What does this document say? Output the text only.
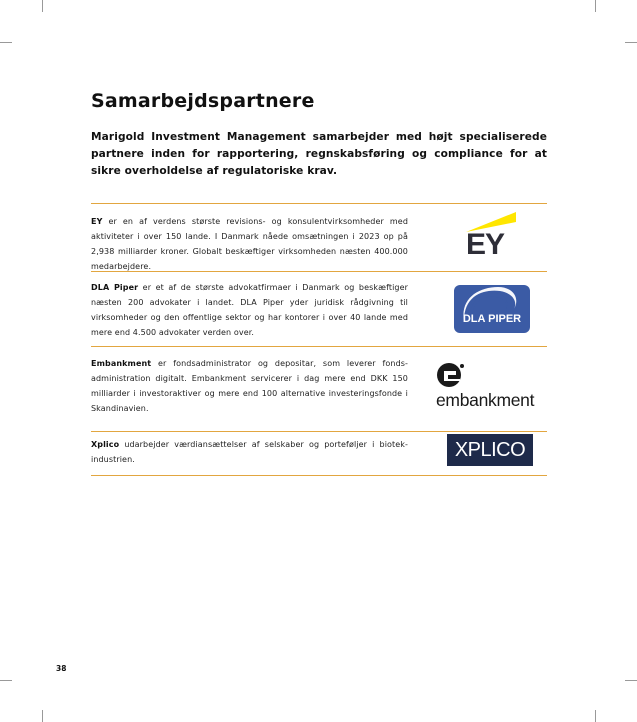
Samarbejdspartnere

Marigold Investment Management samarbejder med højt specialiserede partnere inden for rapportering, regnskabsføring og compliance for at sikre overholdelse af regulatoriske krav.

EY er en af verdens største revisions- og konsulentvirksomheder med aktiviteter i over 150 lande. I Danmark nåede omsætningen i 2023 op på 2,938 milliarder kroner. Globalt beskæftiger virksomheden næsten 400.000 medarbejdere.
EY
DLA Piper er et af de største advokatfirmaer i Danmark og beskæftiger næsten 200 advokater i landet. DLA Piper yder juridisk rådgivning til virksomheder og den offentlige sektor og har kontorer i over 40 lande med mere end 4.500 advokater verden over.
DLA PIPER
Embankment er fondsadministrator og depositar, som leverer fonds-administration digitalt. Embankment servicerer i dag mere end DKK 150 milliarder i investoraktiver og mere end 100 alternative investeringsfonde i Skandinavien.	embankment
Xplico udarbejder værdiansættelser af selskaber og porteføljer i biotek-industrien.	XPLICO
38
